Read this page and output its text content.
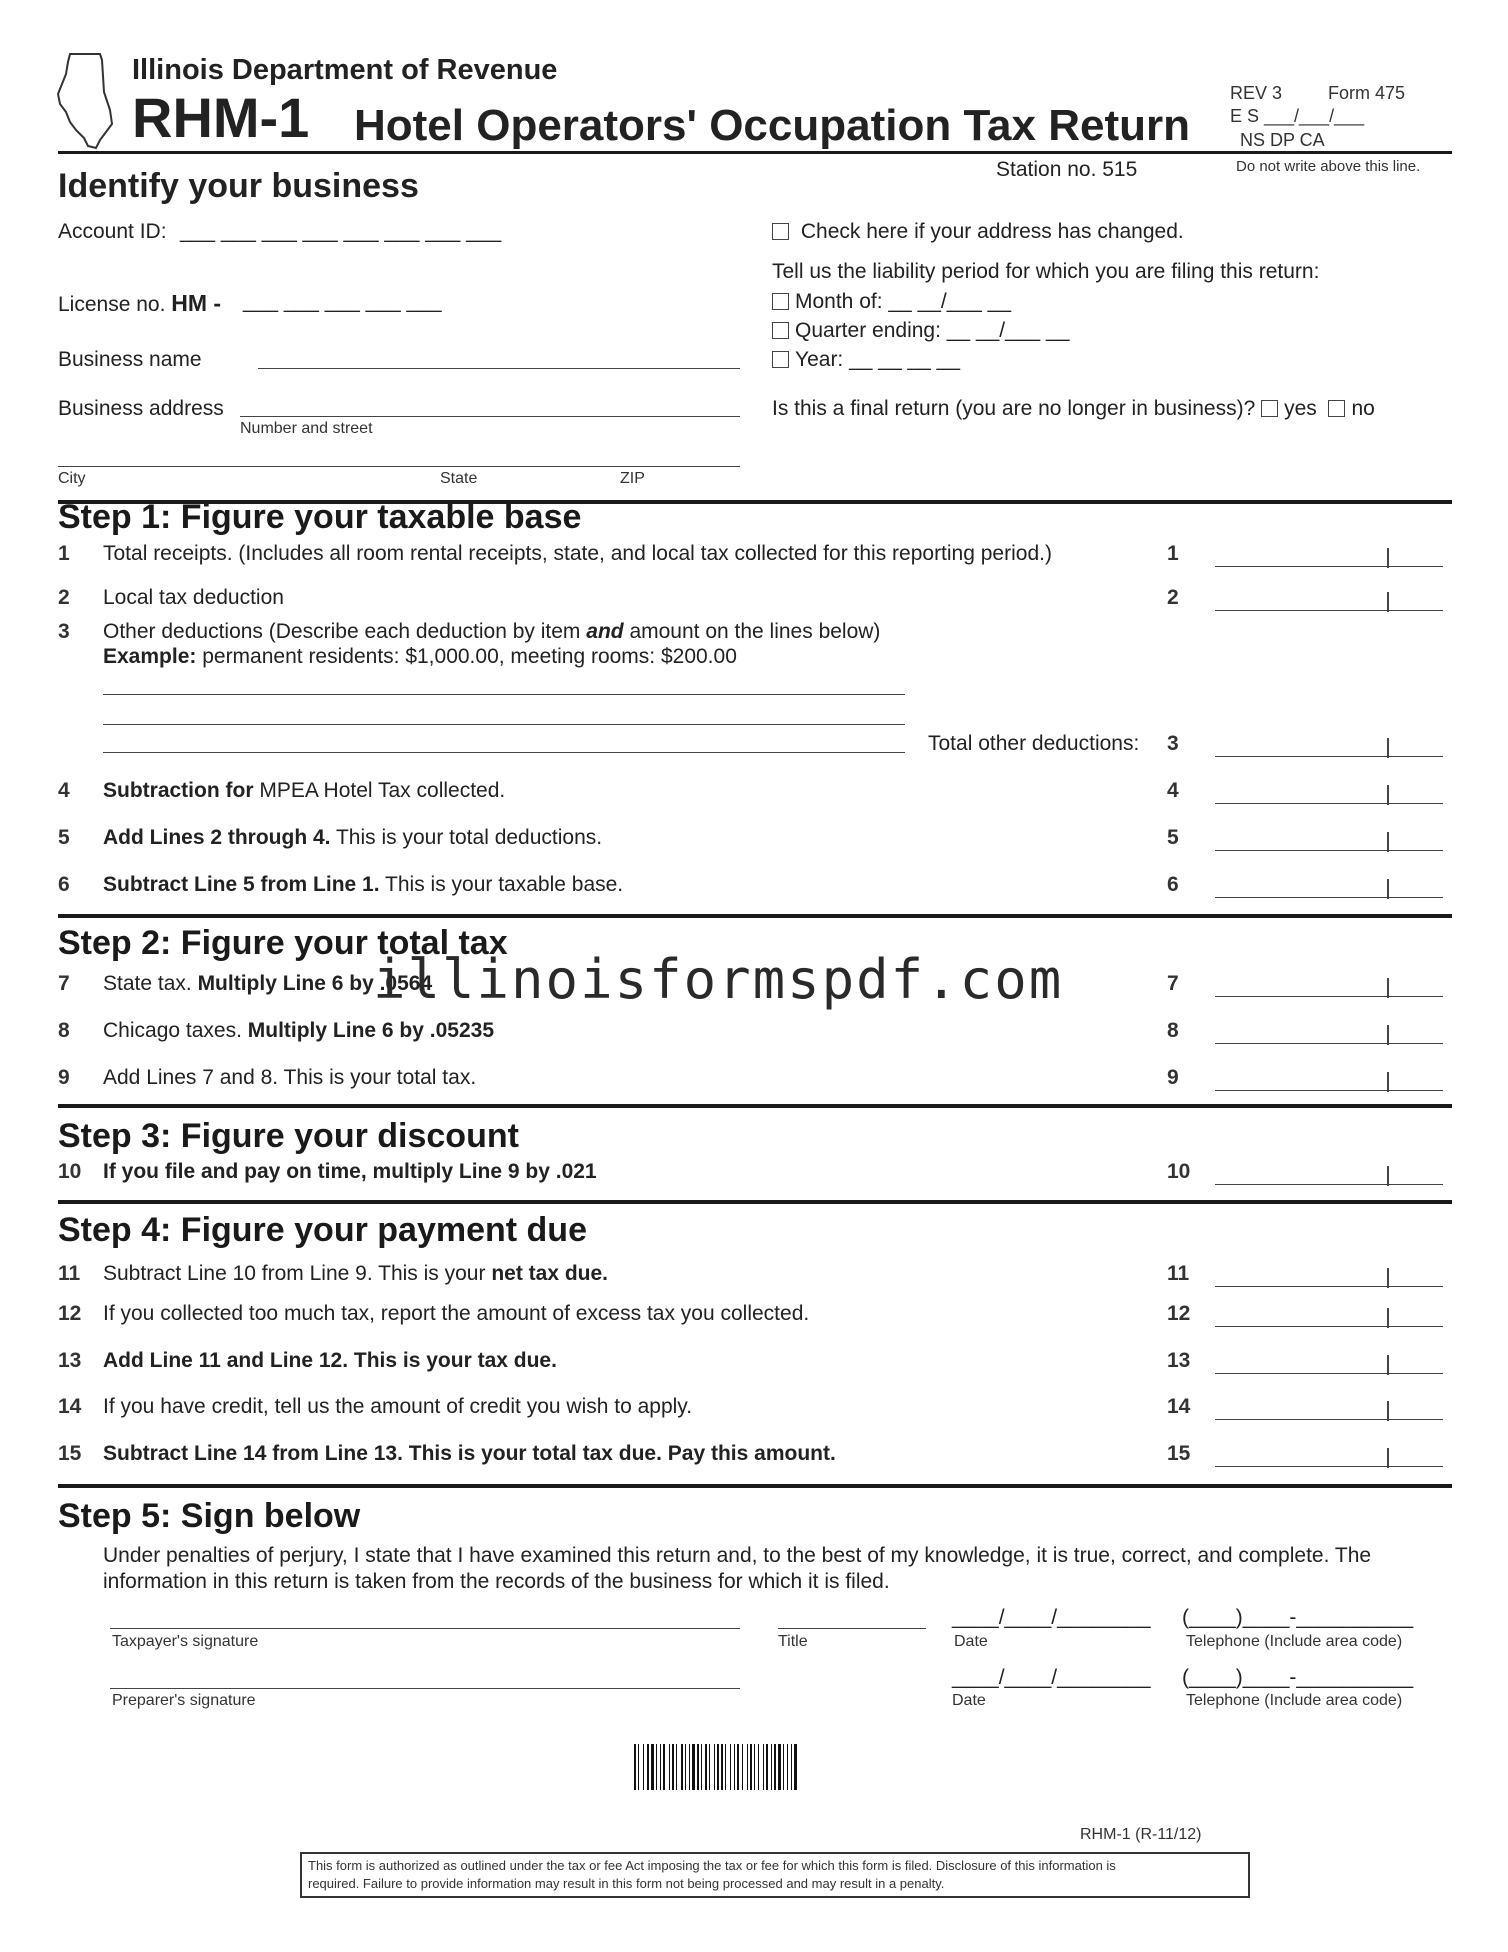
Illinois Department of Revenue
RHM-1 Hotel Operators' Occupation Tax Return
REV 3	Form 475
E S ___/___/___
NS DP CA
Do not write above this line.
Station no. 515
Identify your business
Account ID: ___ ___ ___ ___ ___ ___ ___ ___
License no. HM - ___ ___ ___ ___ ___
Business name
Business address
Number and street
City	State	ZIP
Check here if your address has changed.
Tell us the liability period for which you are filing this return:
Month of: __ __/___ __
Quarter ending: __ __/___ __
Year: __ __ __ __
Is this a final return (you are no longer in business)? yes no
Step 1: Figure your taxable base
1 Total receipts. (Includes all room rental receipts, state, and local tax collected for this reporting period.)	1
2 Local tax deduction	2
3 Other deductions (Describe each deduction by item and amount on the lines below)
Example: permanent residents: $1,000.00, meeting rooms: $200.00
Total other deductions: 3
4 Subtraction for MPEA Hotel Tax collected.	4
5 Add Lines 2 through 4. This is your total deductions.	5
6 Subtract Line 5 from Line 1. This is your taxable base.	6
Step 2: Figure your total tax
7 State tax. Multiply Line 6 by .0564	7
8 Chicago taxes. Multiply Line 6 by .05235	8
9 Add Lines 7 and 8. This is your total tax.	9
illinoisformspdf.com
Step 3: Figure your discount
10 If you file and pay on time, multiply Line 9 by .021	10
Step 4: Figure your payment due
11 Subtract Line 10 from Line 9. This is your net tax due.	11
12 If you collected too much tax, report the amount of excess tax you collected.	12
13 Add Line 11 and Line 12. This is your tax due.	13
14 If you have credit, tell us the amount of credit you wish to apply.	14
15 Subtract Line 14 from Line 13. This is your total tax due. Pay this amount.	15
Step 5: Sign below
Under penalties of perjury, I state that I have examined this return and, to the best of my knowledge, it is true, correct, and complete. The
information in this return is taken from the records of the business for which it is filed.
Taxpayer's signature	Title
____/____/________
Date
(____)____-__________
Telephone (Include area code)
Preparer's signature
____/____/________
Date
(____)____-__________
Telephone (Include area code)
RHM-1 (R-11/12)
This form is authorized as outlined under the tax or fee Act imposing the tax or fee for which this form is filed. Disclosure of this information is
required. Failure to provide information may result in this form not being processed and may result in a penalty.
